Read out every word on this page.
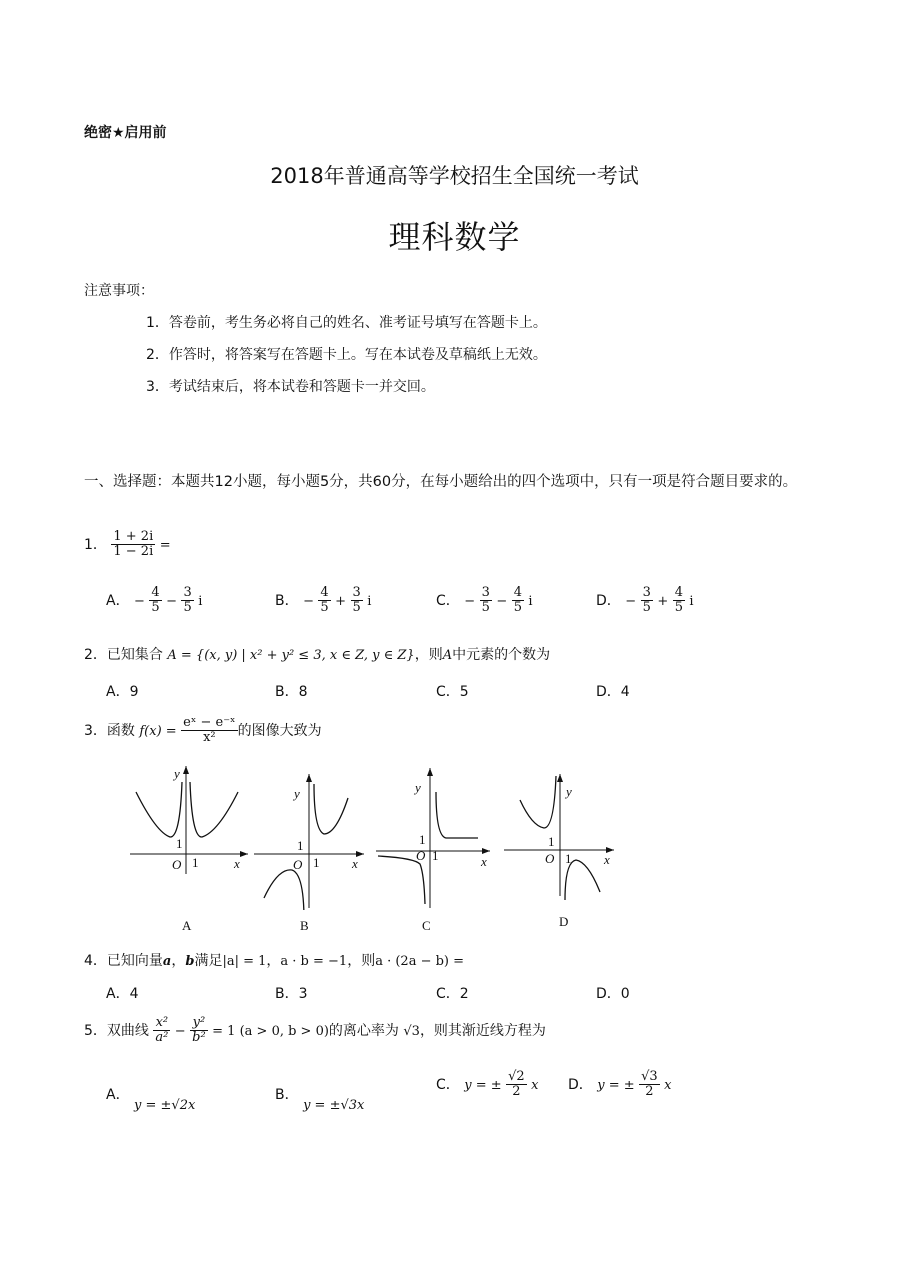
绝密★启用前
2018年普通高等学校招生全国统一考试
理科数学
注意事项：
1．答卷前，考生务必将自己的姓名、准考证号填写在答题卡上。
2．作答时，将答案写在答题卡上。写在本试卷及草稿纸上无效。
3．考试结束后，将本试卷和答题卡一并交回。
一、选择题：本题共12小题，每小题5分，共60分，在每小题给出的四个选项中，只有一项是符合题目要求的。
1． $\frac{1 + 2i}{1 - 2i}$ =
A． − $\frac{4}{5} - \frac{3}{5}$ i	B． − $\frac{4}{5} + \frac{3}{5}$ i	C． − $\frac{3}{5} - \frac{4}{5}$ i	D． − $\frac{3}{5} + \frac{4}{5}$ i
2．已知集合 A = {(x, y) | x² + y² ≤ 3, x ∈ Z, y ∈ Z}，则A中元素的个数为
A．9	B．8	C．5	D．4
3．函数 $f(x) = \frac{\text{eˣ − e⁻ˣ}}{\text{x²}}$ 的图像大致为
y
x
O
1
1
A
y
x
O
1
1
B
y
x
O
1
1
C
y
x
O
1
1
D
4．已知向量a，b满足|a| = 1，a · b = −1，则a · (2a − b) =
A．4	B．3	C．2	D．0
5．双曲线 $\frac{\text{x²}}{\text{a²}} - \frac{\text{y²}}{\text{b²}} = 1$ (a > 0, b > 0)的离心率为 √3，则其渐近线方程为
A． y = ±√2x
B． y = ±√3x
C． y = ± $\frac{√2}{2}$ x D． y = ± $\frac{√3}{2}$ x
